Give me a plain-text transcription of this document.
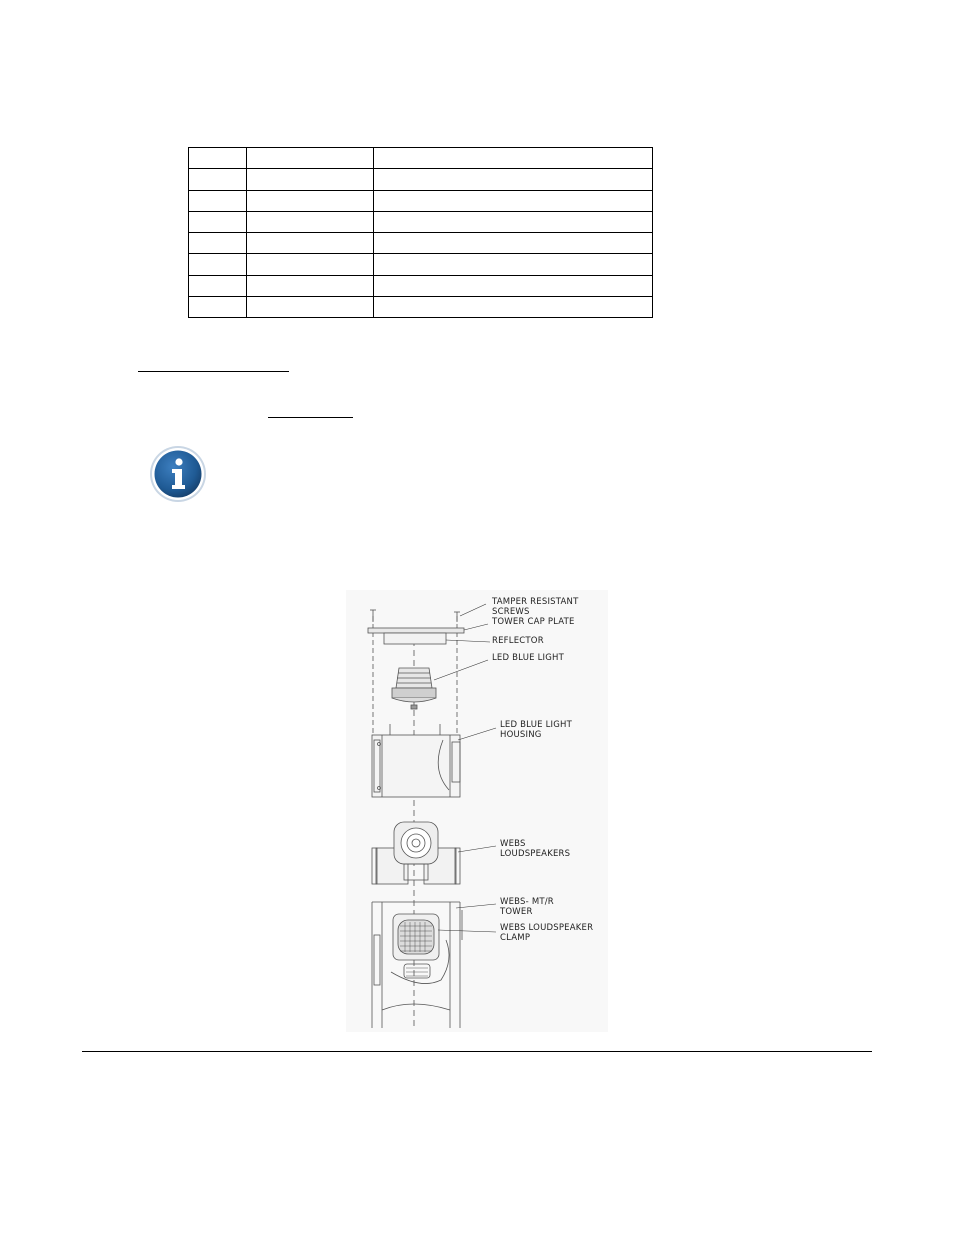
TAMPER RESISTANT
SCREWS
TOWER CAP PLATE
REFLECTOR
LED BLUE LIGHT
LED BLUE LIGHT
HOUSING
WEBS
LOUDSPEAKERS
WEBS- MT/R
TOWER
WEBS LOUDSPEAKER
CLAMP
